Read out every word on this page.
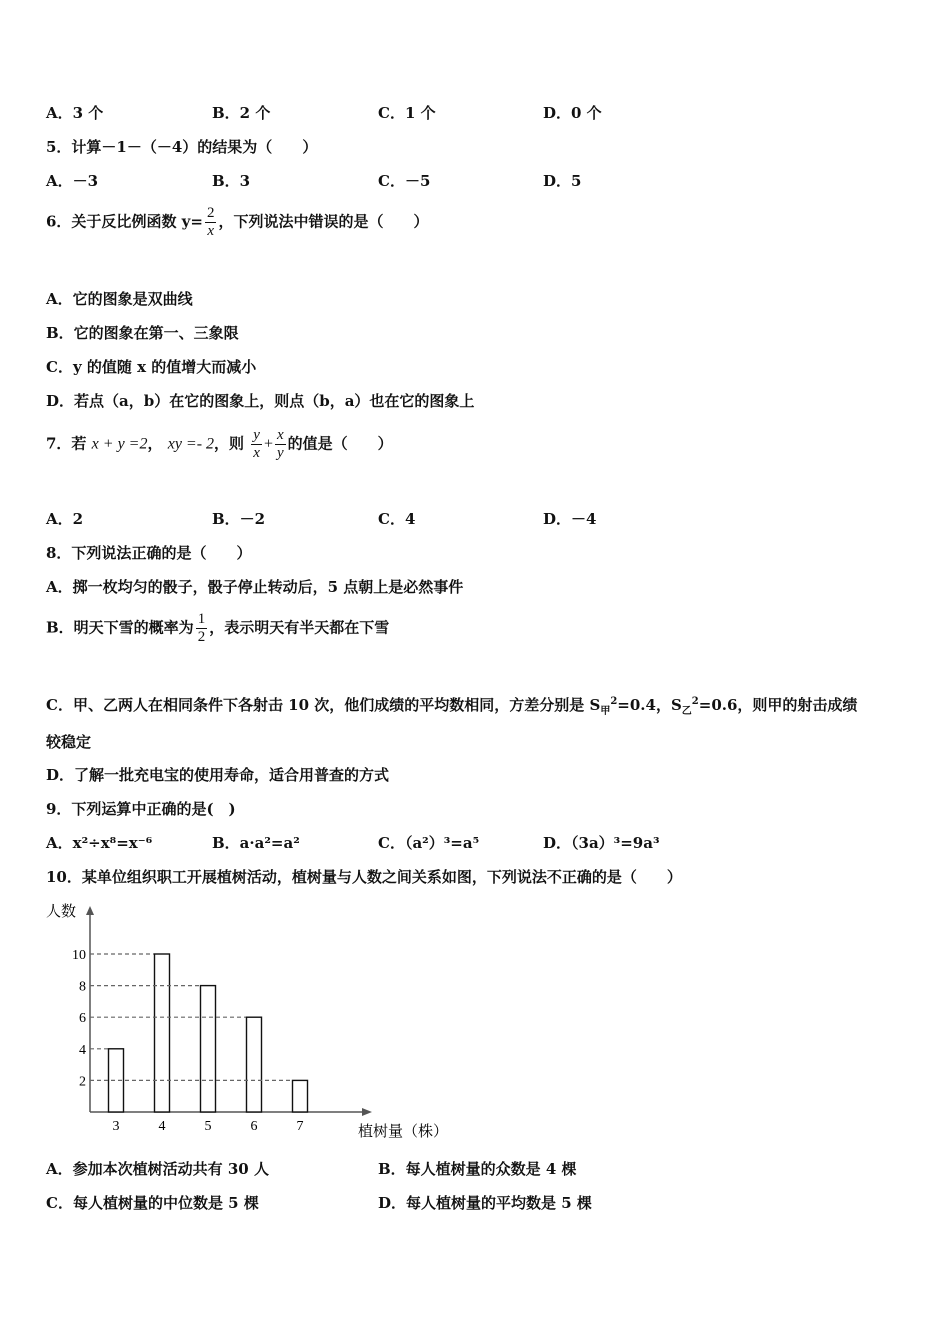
A．3 个	B．2 个	C．1 个	D．0 个
5．计算－1－（－4）的结果为（　　）
A．－3	B．3	C．－5	D．5
6．关于反比例函数 $y= \frac{2}{x}$ ，下列说法中错误的是（　　）
A．它的图象是双曲线
B．它的图象在第一、三象限
C．y 的值随 x 的值增大而减小
D．若点（a，b）在它的图象上，则点（b，a）也在它的图象上
7．若 x + y =2， xy =- 2，则 $\frac{y}{x} + \frac{x}{y}$ 的值是（　　）
A．2	B．－2	C．4	D．－4
8．下列说法正确的是（　　）
A．掷一枚均匀的骰子，骰子停止转动后，5 点朝上是必然事件
B．明天下雪的概率为 $\frac{1}{2}$ ，表示明天有半天都在下雪
C．甲、乙两人在相同条件下各射击 10 次，他们成绩的平均数相同，方差分别是 $S_甲^2=0.4$，$S_乙^2=0.6$，则甲的射击成绩
较稳定
D．了解一批充电宝的使用寿命，适合用普查的方式
9．下列运算中正确的是(　)
A．x²÷x⁸=x⁻⁶	B．a·a²=a²	C．（a²）³=a⁵	D．（3a）³=9a³
10．某单位组织职工开展植树活动，植树量与人数之间关系如图，下列说法不正确的是（　　）
人数
植树量（株）
2
4
6
8
10
3	4	5	6	7
A．参加本次植树活动共有 30 人	B．每人植树量的众数是 4 棵
C．每人植树量的中位数是 5 棵	D．每人植树量的平均数是 5 棵
